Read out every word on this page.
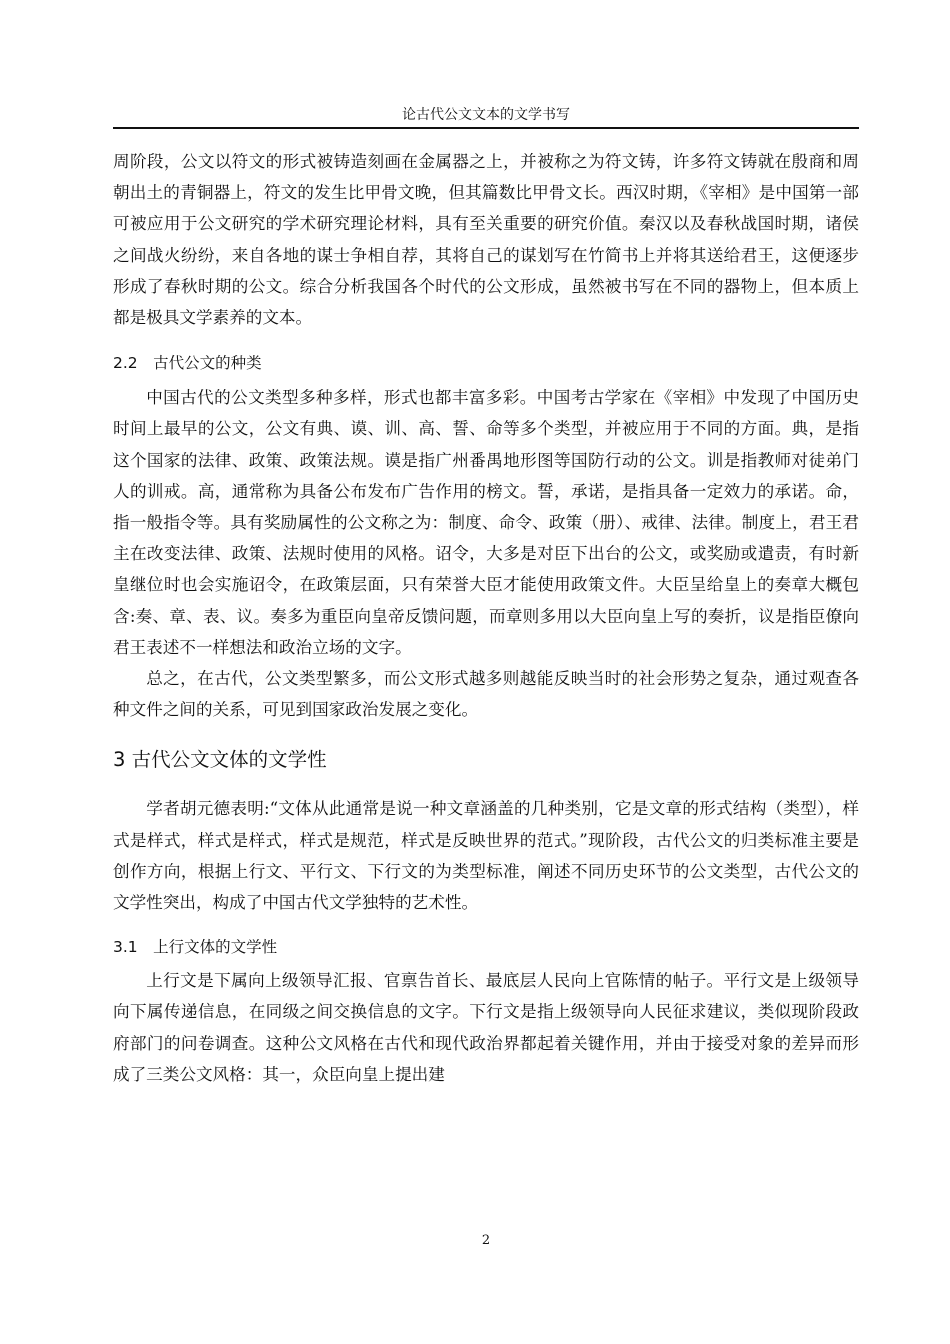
论古代公文文本的文学书写

周阶段，公文以符文的形式被铸造刻画在金属器之上，并被称之为符文铸，许多符文铸就在殷商和周朝出土的青铜器上，符文的发生比甲骨文晚，但其篇数比甲骨文长。西汉时期，《宰相》是中国第一部可被应用于公文研究的学术研究理论材料，具有至关重要的研究价值。秦汉以及春秋战国时期，诸侯之间战火纷纷，来自各地的谋士争相自荐，其将自己的谋划写在竹简书上并将其送给君王，这便逐步形成了春秋时期的公文。综合分析我国各个时代的公文形成，虽然被书写在不同的器物上，但本质上都是极具文学素养的文本。

2.2　古代公文的种类

中国古代的公文类型多种多样，形式也都丰富多彩。中国考古学家在《宰相》中发现了中国历史时间上最早的公文，公文有典、谟、训、高、誓、命等多个类型，并被应用于不同的方面。典，是指这个国家的法律、政策、政策法规。谟是指广州番禺地形图等国防行动的公文。训是指教师对徒弟门人的训戒。高，通常称为具备公布发布广告作用的榜文。誓，承诺，是指具备一定效力的承诺。命，指一般指令等。具有奖励属性的公文称之为：制度、命令、政策（册）、戒律、法律。制度上，君王君主在改变法律、政策、法规时使用的风格。诏令，大多是对臣下出台的公文，或奖励或遣责，有时新皇继位时也会实施诏令，在政策层面，只有荣誉大臣才能使用政策文件。大臣呈给皇上的奏章大概包含:奏、章、表、议。奏多为重臣向皇帝反馈问题，而章则多用以大臣向皇上写的奏折，议是指臣僚向君王表述不一样想法和政治立场的文字。

总之，在古代，公文类型繁多，而公文形式越多则越能反映当时的社会形势之复杂，通过观查各种文件之间的关系，可见到国家政治发展之变化。

3 古代公文文体的文学性

学者胡元德表明:“文体从此通常是说一种文章涵盖的几种类别，它是文章的形式结构（类型），样式是样式，样式是样式，样式是规范，样式是反映世界的范式。”现阶段，古代公文的归类标准主要是创作方向，根据上行文、平行文、下行文的为类型标准，阐述不同历史环节的公文类型，古代公文的文学性突出，构成了中国古代文学独特的艺术性。

3.1　上行文体的文学性

上行文是下属向上级领导汇报、官禀告首长、最底层人民向上官陈情的帖子。平行文是上级领导向下属传递信息，在同级之间交换信息的文字。下行文是指上级领导向人民征求建议，类似现阶段政府部门的问卷调查。这种公文风格在古代和现代政治界都起着关键作用，并由于接受对象的差异而形成了三类公文风格：其一，众臣向皇上提出建

2
